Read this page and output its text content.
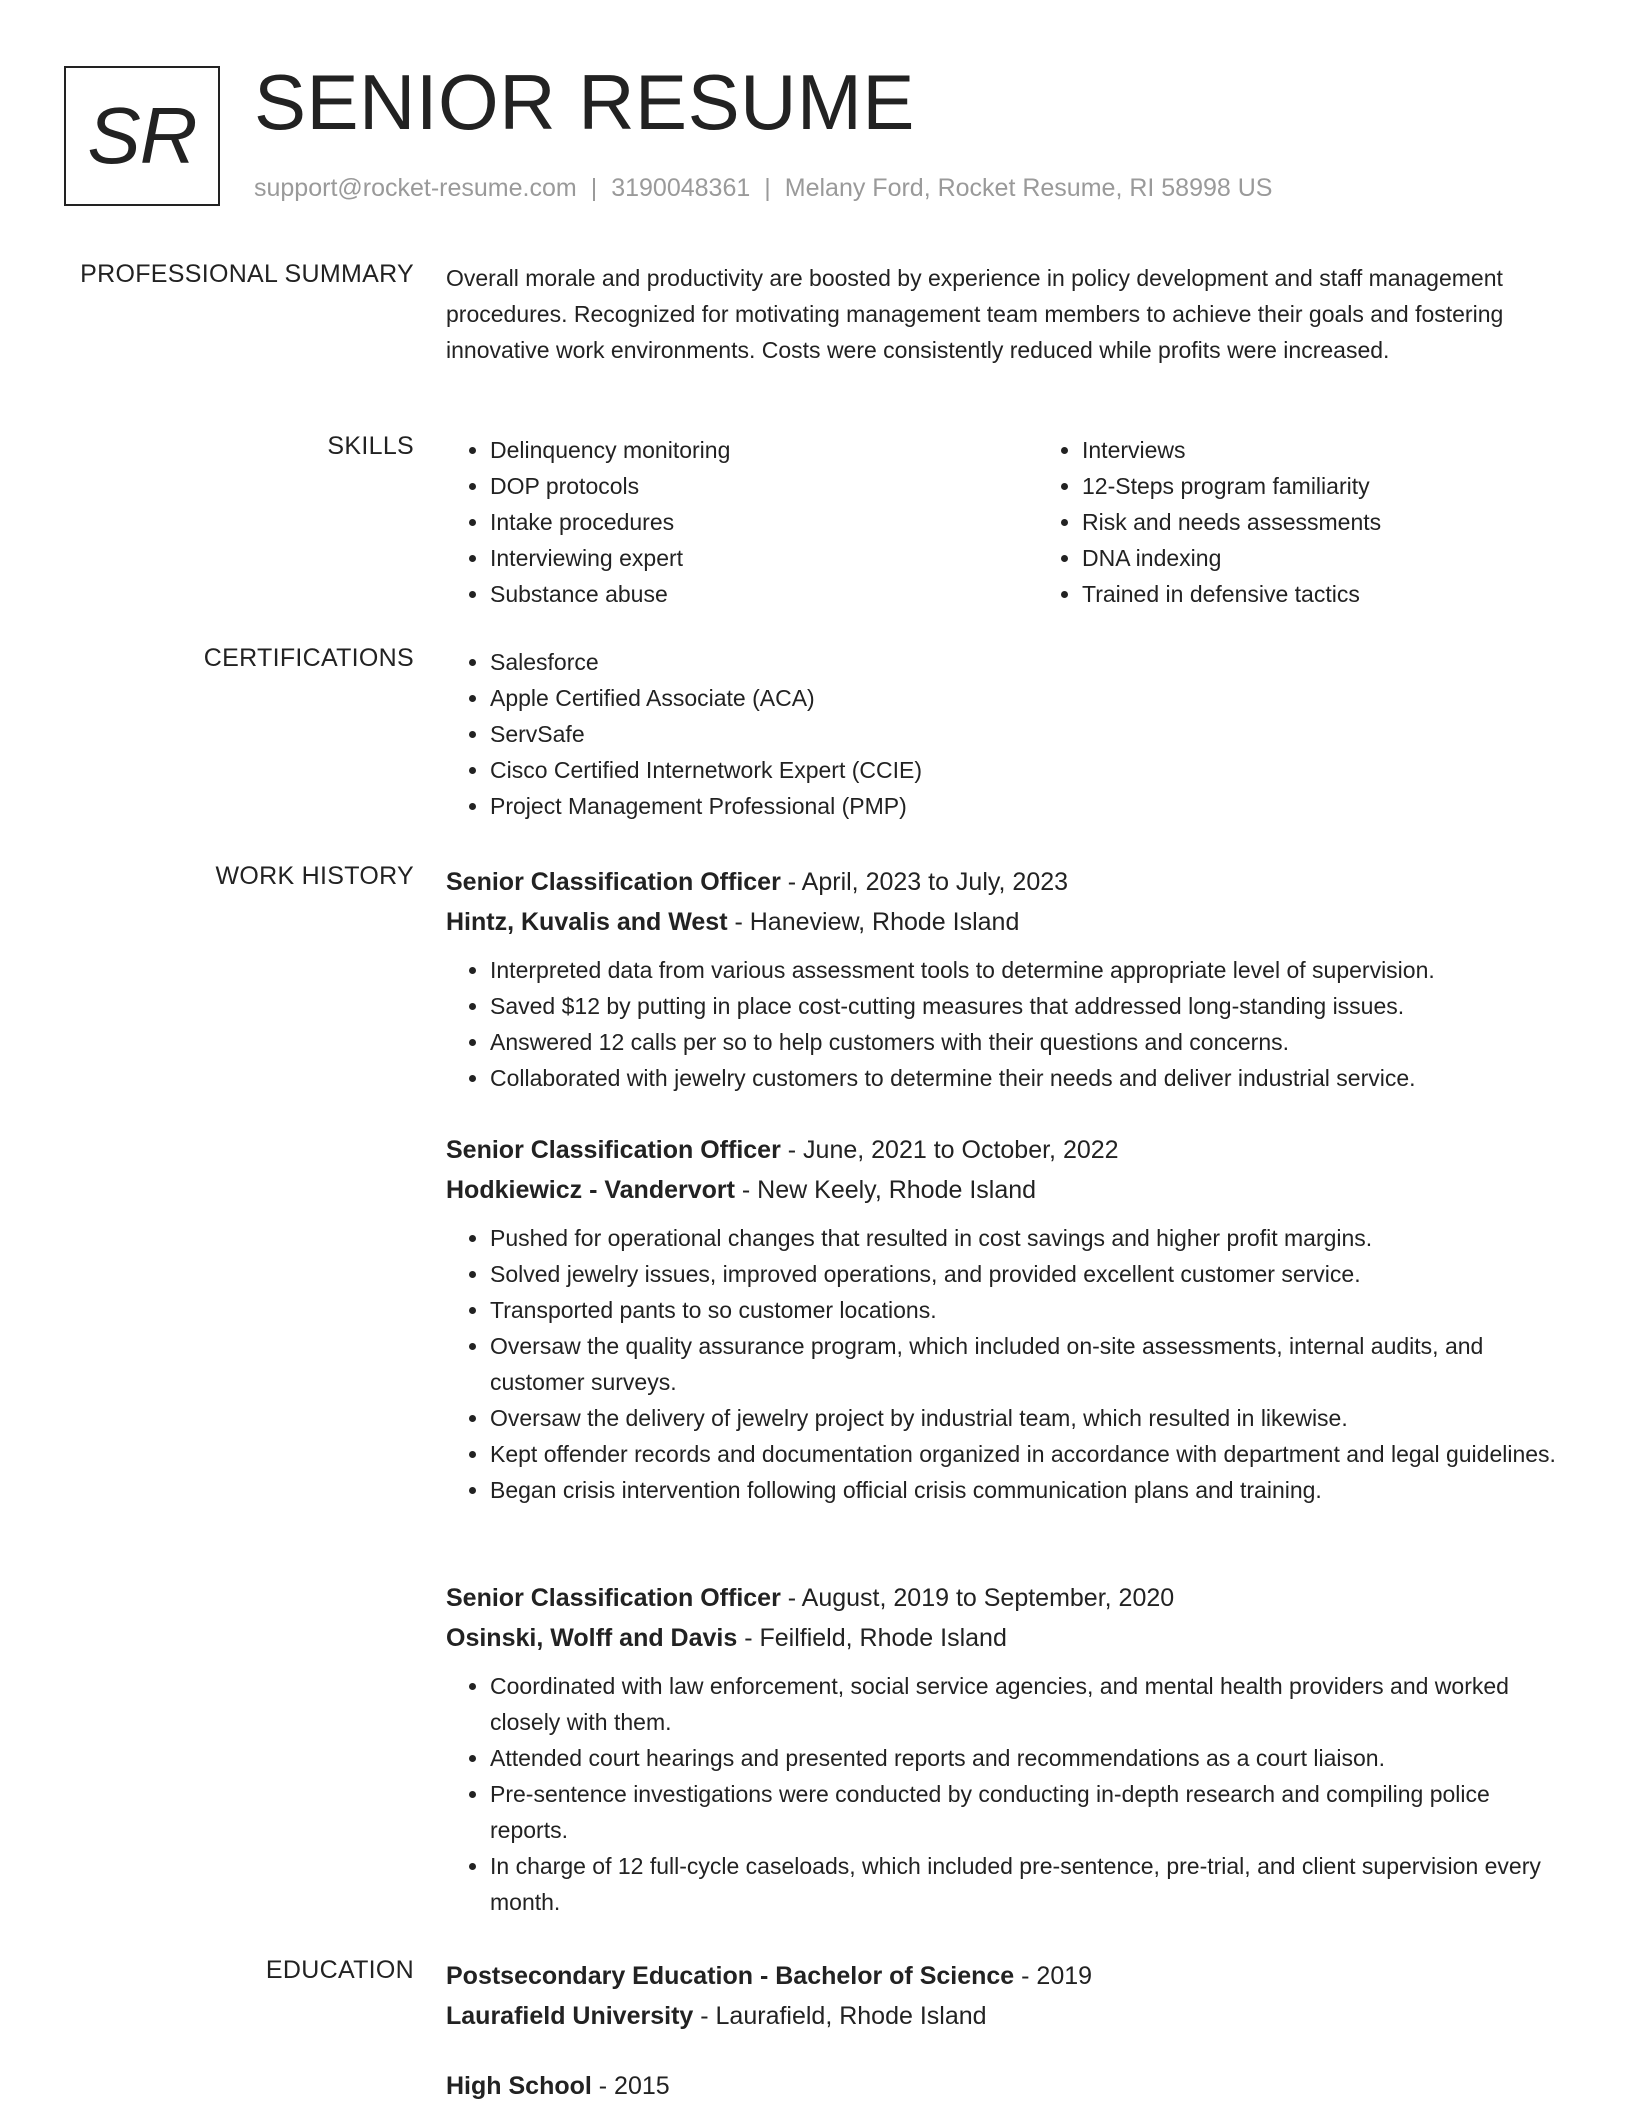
SR SENIOR RESUME
support@rocket-resume.com | 3190048361 | Melany Ford, Rocket Resume, RI 58998 US
PROFESSIONAL SUMMARY Overall morale and productivity are boosted by experience in policy development and staff management procedures. Recognized for motivating management team members to achieve their goals and fostering innovative work environments. Costs were consistently reduced while profits were increased.
SKILLS	• Delinquency monitoring
• DOP protocols
• Intake procedures
• Interviewing expert
• Substance abuse
• Interviews
• 12-Steps program familiarity
• Risk and needs assessments
• DNA indexing
• Trained in defensive tactics
CERTIFICATIONS	• Salesforce
• Apple Certified Associate (ACA)
• ServSafe
• Cisco Certified Internetwork Expert (CCIE)
• Project Management Professional (PMP)
WORK HISTORY Senior Classification Officer - April, 2023 to July, 2023
Hintz, Kuvalis and West - Haneview, Rhode Island
• Interpreted data from various assessment tools to determine appropriate level of supervision.
• Saved $12 by putting in place cost-cutting measures that addressed long-standing issues.
• Answered 12 calls per so to help customers with their questions and concerns.
• Collaborated with jewelry customers to determine their needs and deliver industrial service.
Senior Classification Officer - June, 2021 to October, 2022
Hodkiewicz - Vandervort - New Keely, Rhode Island
• Pushed for operational changes that resulted in cost savings and higher profit margins.
• Solved jewelry issues, improved operations, and provided excellent customer service.
• Transported pants to so customer locations.
• Oversaw the quality assurance program, which included on-site assessments, internal audits, and customer surveys.
• Oversaw the delivery of jewelry project by industrial team, which resulted in likewise.
• Kept offender records and documentation organized in accordance with department and legal guidelines.
• Began crisis intervention following official crisis communication plans and training.
Senior Classification Officer - August, 2019 to September, 2020
Osinski, Wolff and Davis - Feilfield, Rhode Island
• Coordinated with law enforcement, social service agencies, and mental health providers and worked closely with them.
• Attended court hearings and presented reports and recommendations as a court liaison.
• Pre-sentence investigations were conducted by conducting in-depth research and compiling police reports.
• In charge of 12 full-cycle caseloads, which included pre-sentence, pre-trial, and client supervision every month.
EDUCATION Postsecondary Education - Bachelor of Science - 2019
Laurafield University - Laurafield, Rhode Island
High School - 2015
